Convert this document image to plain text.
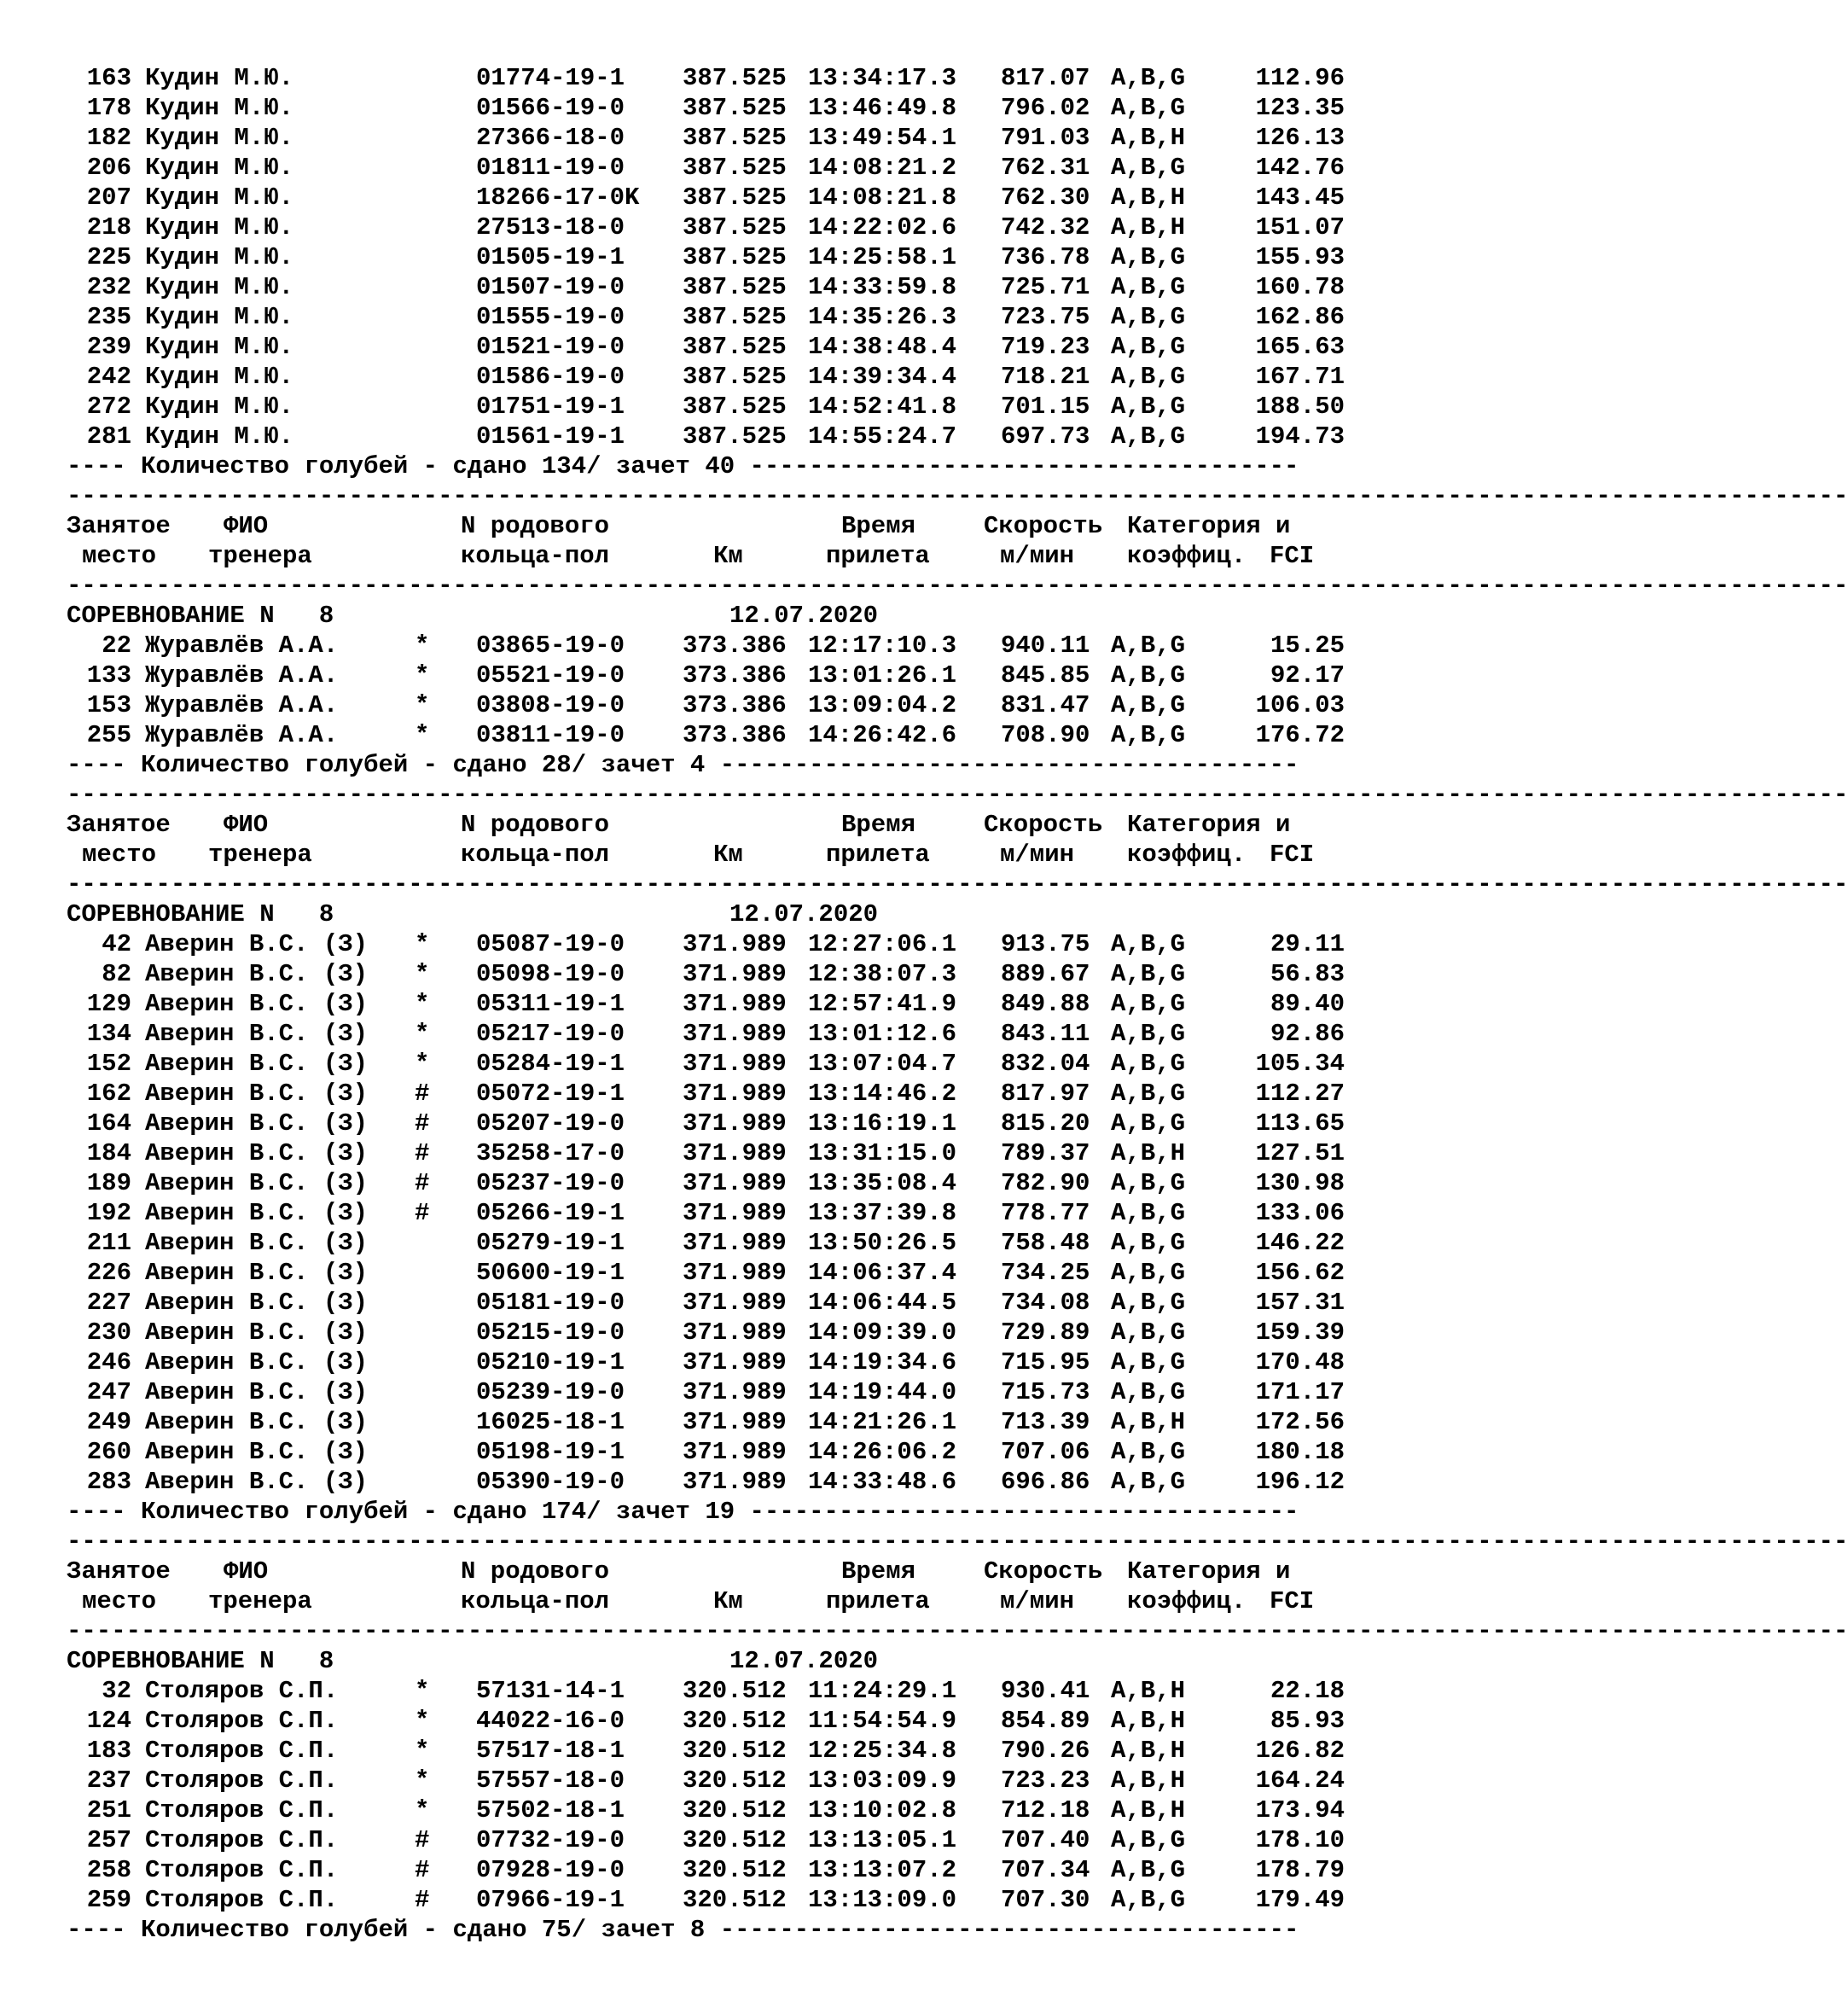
163 Кудин М.Ю.	01774-19-1 387.525 13:34:17.3 817.07 A,B,G	112.96
178 Кудин М.Ю.	01566-19-0 387.525 13:46:49.8 796.02 A,B,G	123.35
182 Кудин М.Ю.	27366-18-0 387.525 13:49:54.1 791.03 A,B,H	126.13
206 Кудин М.Ю.	01811-19-0 387.525 14:08:21.2 762.31 A,B,G	142.76
207 Кудин М.Ю.	18266-17-0K 387.525 14:08:21.8 762.30 A,B,H	143.45
218 Кудин М.Ю.	27513-18-0 387.525 14:22:02.6 742.32 A,B,H	151.07
225 Кудин М.Ю.	01505-19-1 387.525 14:25:58.1 736.78 A,B,G	155.93
232 Кудин М.Ю.	01507-19-0 387.525 14:33:59.8 725.71 A,B,G	160.78
235 Кудин М.Ю.	01555-19-0 387.525 14:35:26.3 723.75 A,B,G	162.86
239 Кудин М.Ю.	01521-19-0 387.525 14:38:48.4 719.23 A,B,G	165.63
242 Кудин М.Ю.	01586-19-0 387.525 14:39:34.4 718.21 A,B,G	167.71
272 Кудин М.Ю.	01751-19-1 387.525 14:52:41.8 701.15 A,B,G	188.50
281 Кудин М.Ю.	01561-19-1 387.525 14:55:24.7 697.73 A,B,G	194.73
---- Количество голубей - сдано 134/ зачет 40 -------------------------------------
------------------------------------------------------------------------------------------------------------------------
Занятое ФИО	N родового	Время	Скорость Категория и
место тренера	кольца-пол	Км	прилета	м/мин коэффиц. FCI
------------------------------------------------------------------------------------------------------------------------
СОРЕВНОВАНИЕ N   8	12.07.2020
22 Журавлёв А.А.	* 03865-19-0 373.386 12:17:10.3 940.11 A,B,G	15.25
133 Журавлёв А.А.	* 05521-19-0 373.386 13:01:26.1 845.85 A,B,G	92.17
153 Журавлёв А.А.	* 03808-19-0 373.386 13:09:04.2 831.47 A,B,G	106.03
255 Журавлёв А.А.	* 03811-19-0 373.386 14:26:42.6 708.90 A,B,G	176.72
---- Количество голубей - сдано 28/ зачет 4 ---------------------------------------
------------------------------------------------------------------------------------------------------------------------
Занятое ФИО	N родового	Время	Скорость Категория и
место тренера	кольца-пол	Км	прилета	м/мин коэффиц. FCI
------------------------------------------------------------------------------------------------------------------------
СОРЕВНОВАНИЕ N   8	12.07.2020
42 Аверин В.С. (З) * 05087-19-0 371.989 12:27:06.1 913.75 A,B,G	29.11
82 Аверин В.С. (З) * 05098-19-0 371.989 12:38:07.3 889.67 A,B,G	56.83
129 Аверин В.С. (З) * 05311-19-1 371.989 12:57:41.9 849.88 A,B,G	89.40
134 Аверин В.С. (З) * 05217-19-0 371.989 13:01:12.6 843.11 A,B,G	92.86
152 Аверин В.С. (З) * 05284-19-1 371.989 13:07:04.7 832.04 A,B,G	105.34
162 Аверин В.С. (З) # 05072-19-1 371.989 13:14:46.2 817.97 A,B,G	112.27
164 Аверин В.С. (З) # 05207-19-0 371.989 13:16:19.1 815.20 A,B,G	113.65
184 Аверин В.С. (З) # 35258-17-0 371.989 13:31:15.0 789.37 A,B,H	127.51
189 Аверин В.С. (З) # 05237-19-0 371.989 13:35:08.4 782.90 A,B,G	130.98
192 Аверин В.С. (З) # 05266-19-1 371.989 13:37:39.8 778.77 A,B,G	133.06
211 Аверин В.С. (З)	05279-19-1 371.989 13:50:26.5 758.48 A,B,G	146.22
226 Аверин В.С. (З)	50600-19-1 371.989 14:06:37.4 734.25 A,B,G	156.62
227 Аверин В.С. (З)	05181-19-0 371.989 14:06:44.5 734.08 A,B,G	157.31
230 Аверин В.С. (З)	05215-19-0 371.989 14:09:39.0 729.89 A,B,G	159.39
246 Аверин В.С. (З)	05210-19-1 371.989 14:19:34.6 715.95 A,B,G	170.48
247 Аверин В.С. (З)	05239-19-0 371.989 14:19:44.0 715.73 A,B,G	171.17
249 Аверин В.С. (З)	16025-18-1 371.989 14:21:26.1 713.39 A,B,H	172.56
260 Аверин В.С. (З)	05198-19-1 371.989 14:26:06.2 707.06 A,B,G	180.18
283 Аверин В.С. (З)	05390-19-0 371.989 14:33:48.6 696.86 A,B,G	196.12
---- Количество голубей - сдано 174/ зачет 19 -------------------------------------
------------------------------------------------------------------------------------------------------------------------
Занятое ФИО	N родового	Время	Скорость Категория и
место тренера	кольца-пол	Км	прилета	м/мин коэффиц. FCI
------------------------------------------------------------------------------------------------------------------------
СОРЕВНОВАНИЕ N   8	12.07.2020
32 Столяров С.П.	* 57131-14-1 320.512 11:24:29.1 930.41 A,B,H	22.18
124 Столяров С.П.	* 44022-16-0 320.512 11:54:54.9 854.89 A,B,H	85.93
183 Столяров С.П.	* 57517-18-1 320.512 12:25:34.8 790.26 A,B,H	126.82
237 Столяров С.П.	* 57557-18-0 320.512 13:03:09.9 723.23 A,B,H	164.24
251 Столяров С.П.	* 57502-18-1 320.512 13:10:02.8 712.18 A,B,H	173.94
257 Столяров С.П.	# 07732-19-0 320.512 13:13:05.1 707.40 A,B,G	178.10
258 Столяров С.П.	# 07928-19-0 320.512 13:13:07.2 707.34 A,B,G	178.79
259 Столяров С.П.	# 07966-19-1 320.512 13:13:09.0 707.30 A,B,G	179.49
---- Количество голубей - сдано 75/ зачет 8 ---------------------------------------
